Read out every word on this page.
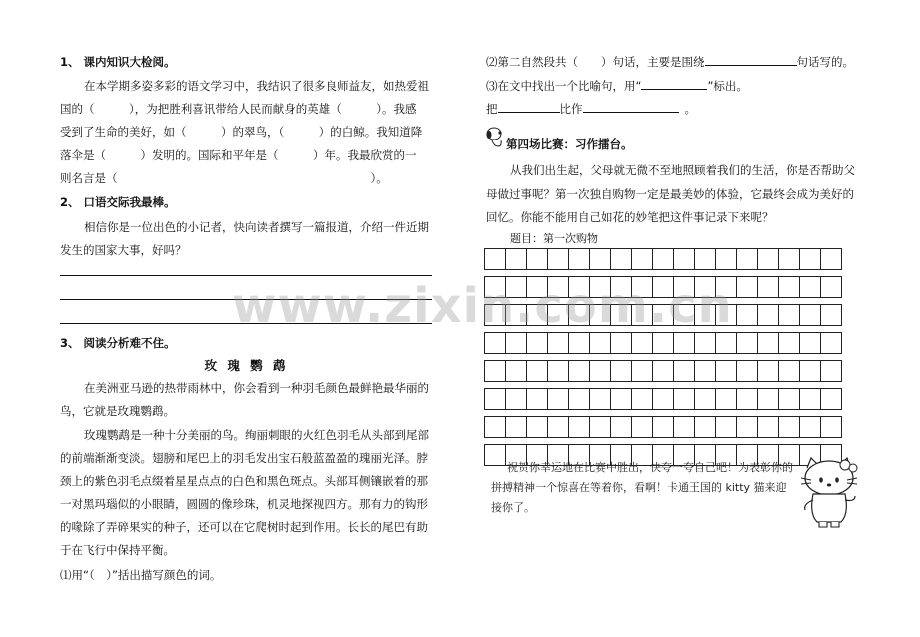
1、 课内知识大检阅。
在本学期多姿多彩的语文学习中，我结识了很多良师益友，如热爱祖
国的（　　　），为把胜利喜讯带给人民而献身的英雄（　　　）。我感
受到了生命的美好，如（　　　）的翠鸟，（　　　）的白鲸。我知道降
落伞是（　　　）发明的。国际和平年是（　　　）年。我最欣赏的一
则名言是（　　　　　　　　　　　　　　　　　　　　　　）。
2、 口语交际我最棒。
相信你是一位出色的小记者，快向读者撰写一篇报道，介绍一件近期
发生的国家大事，好吗？
3、 阅读分析难不住。
玫 瑰 鹦 鹉
在美洲亚马逊的热带雨林中，你会看到一种羽毛颜色最鲜艳最华丽的
鸟，它就是玫瑰鹦鹉。
玫瑰鹦鹉是一种十分美丽的鸟。绚丽刺眼的火红色羽毛从头部到尾部
的前端渐渐变淡。翅膀和尾巴上的羽毛发出宝石般蓝盈盈的瑰丽光泽。脖
颈上的紫色羽毛点缀着星星点点的白色和黑色斑点。头部耳侧镶嵌着的那
一对黑玛瑙似的小眼睛，圆圆的像珍珠，机灵地探视四方。那有力的钩形
的喙除了弄碎果实的种子，还可以在它爬树时起到作用。长长的尾巴有助
于在飞行中保持平衡。
⑴用“（　）”括出描写颜色的词。
⑵第二自然段共（　　）句话，主要是围绕	句话写的。
⑶在文中找出一个比喻句，用“	”标出。
把	比作	。
第四场比赛：习作擂台。
从我们出生起，父母就无微不至地照顾着我们的生活，你是否帮助父
母做过事呢？第一次独自购物一定是最美妙的体验，它最终会成为美好的
回忆。你能不能用自己如花的妙笔把这件事记录下来呢？
题目：第一次购物

祝贺你幸运地在比赛中胜出，快夸一夸自己吧！为表彰你的拼搏精神一个惊喜在等着你，看啊！卡通王国的 kitty 猫来迎接你了。
www.zixin.com.cn
